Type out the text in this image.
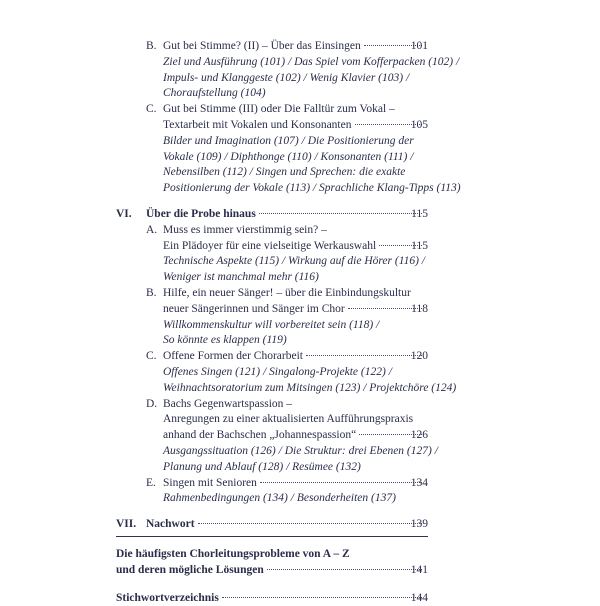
B. Gut bei Stimme? (II) – Über das Einsingen	101
Ziel und Ausführung (101) / Das Spiel vom Kofferpacken (102) /
Impuls- und Klanggeste (102) / Wenig Klavier (103) /
Choraufstellung (104)
C. Gut bei Stimme (III) oder Die Falltür zum Vokal –
Textarbeit mit Vokalen und Konsonanten	105
Bilder und Imagination (107) / Die Positionierung der
Vokale (109) / Diphthonge (110) / Konsonanten (111) /
Nebensilben (112) / Singen und Sprechen: die exakte
Positionierung der Vokale (113) / Sprachliche Klang-Tipps (113)
VI. Über die Probe hinaus	115
A. Muss es immer vierstimmig sein? –
Ein Plädoyer für eine vielseitige Werkauswahl	115
Technische Aspekte (115) / Wirkung auf die Hörer (116) /
Weniger ist manchmal mehr (116)
B. Hilfe, ein neuer Sänger! – über die Einbindungskultur
neuer Sängerinnen und Sänger im Chor	118
Willkommenskultur will vorbereitet sein (118) /
So könnte es klappen (119)
C. Offene Formen der Chorarbeit	120
Offenes Singen (121) / Singalong-Projekte (122) /
Weihnachtsoratorium zum Mitsingen (123) / Projektchöre (124)
D. Bachs Gegenwartspassion –
Anregungen zu einer aktualisierten Aufführungspraxis
anhand der Bachschen „Johannespassion“	126
Ausgangssituation (126) / Die Struktur: drei Ebenen (127) /
Planung und Ablauf (128) / Resümee (132)
E. Singen mit Senioren	134
Rahmenbedingungen (134) / Besonderheiten (137)
VII. Nachwort	139
Die häufigsten Chorleitungsprobleme von A – Z
und deren mögliche Lösungen	141
Stichwortverzeichnis	144
